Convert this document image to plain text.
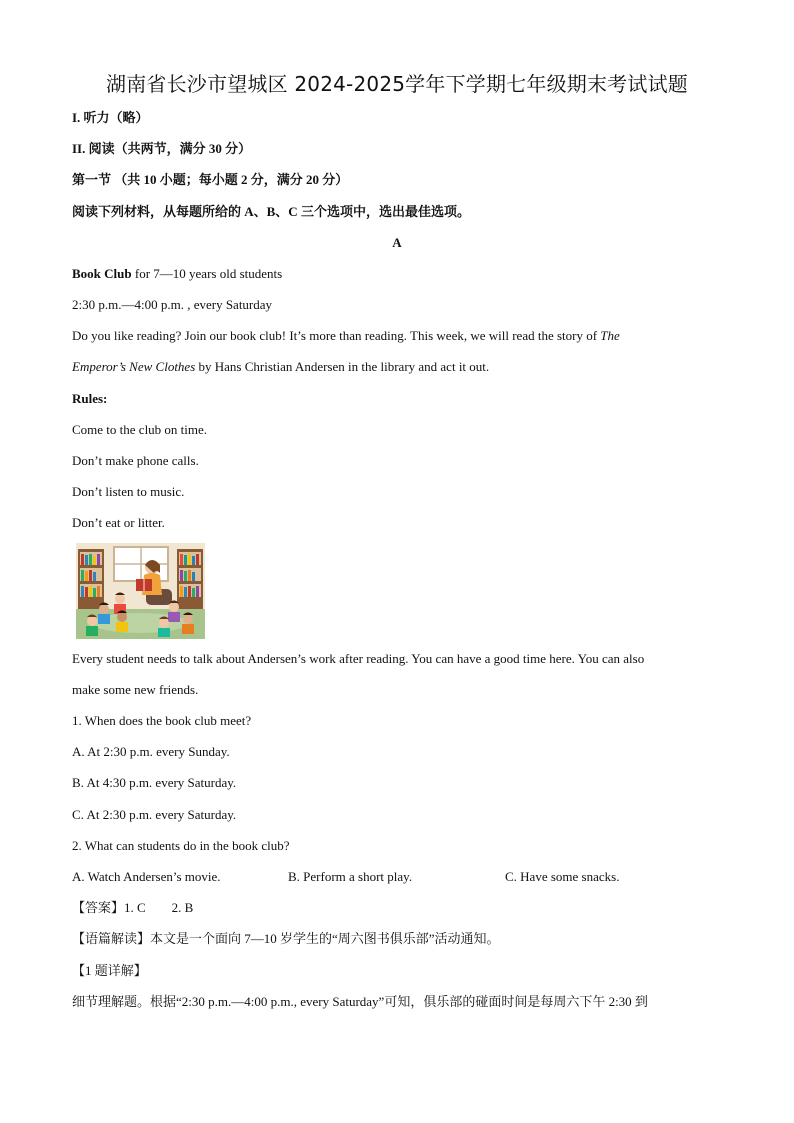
湖南省长沙市望城区 2024-2025学年下学期七年级期末考试试题
I. 听力（略）
II. 阅读（共两节，满分 30 分）
第一节 （共 10 小题；每小题 2 分，满分 20 分）
阅读下列材料，从每题所给的 A、B、C 三个选项中，选出最佳选项。
A
Book Club for 7—10 years old students
2:30 p.m.—4:00 p.m. , every Saturday
Do you like reading? Join our book club! It’s more than reading. This week, we will read the story of The
Emperor’s New Clothes by Hans Christian Andersen in the library and act it out.
Rules:
Come to the club on time.
Don’t make phone calls.
Don’t listen to music.
Don’t eat or litter.
Every student needs to talk about Andersen’s work after reading. You can have a good time here. You can also
make some new friends.
1. When does the book club meet?
A. At 2:30 p.m. every Sunday.
B. At 4:30 p.m. every Saturday.
C. At 2:30 p.m. every Saturday.
2. What can students do in the book club?
A. Watch Andersen’s movie.	B. Perform a short play.	C. Have some snacks.
【答案】1. C        2. B
【语篇解读】本文是一个面向 7—10 岁学生的“周六图书俱乐部”活动通知。
【1 题详解】
细节理解题。根据“2:30 p.m.—4:00 p.m., every Saturday”可知，俱乐部的碰面时间是每周六下午 2:30 到
